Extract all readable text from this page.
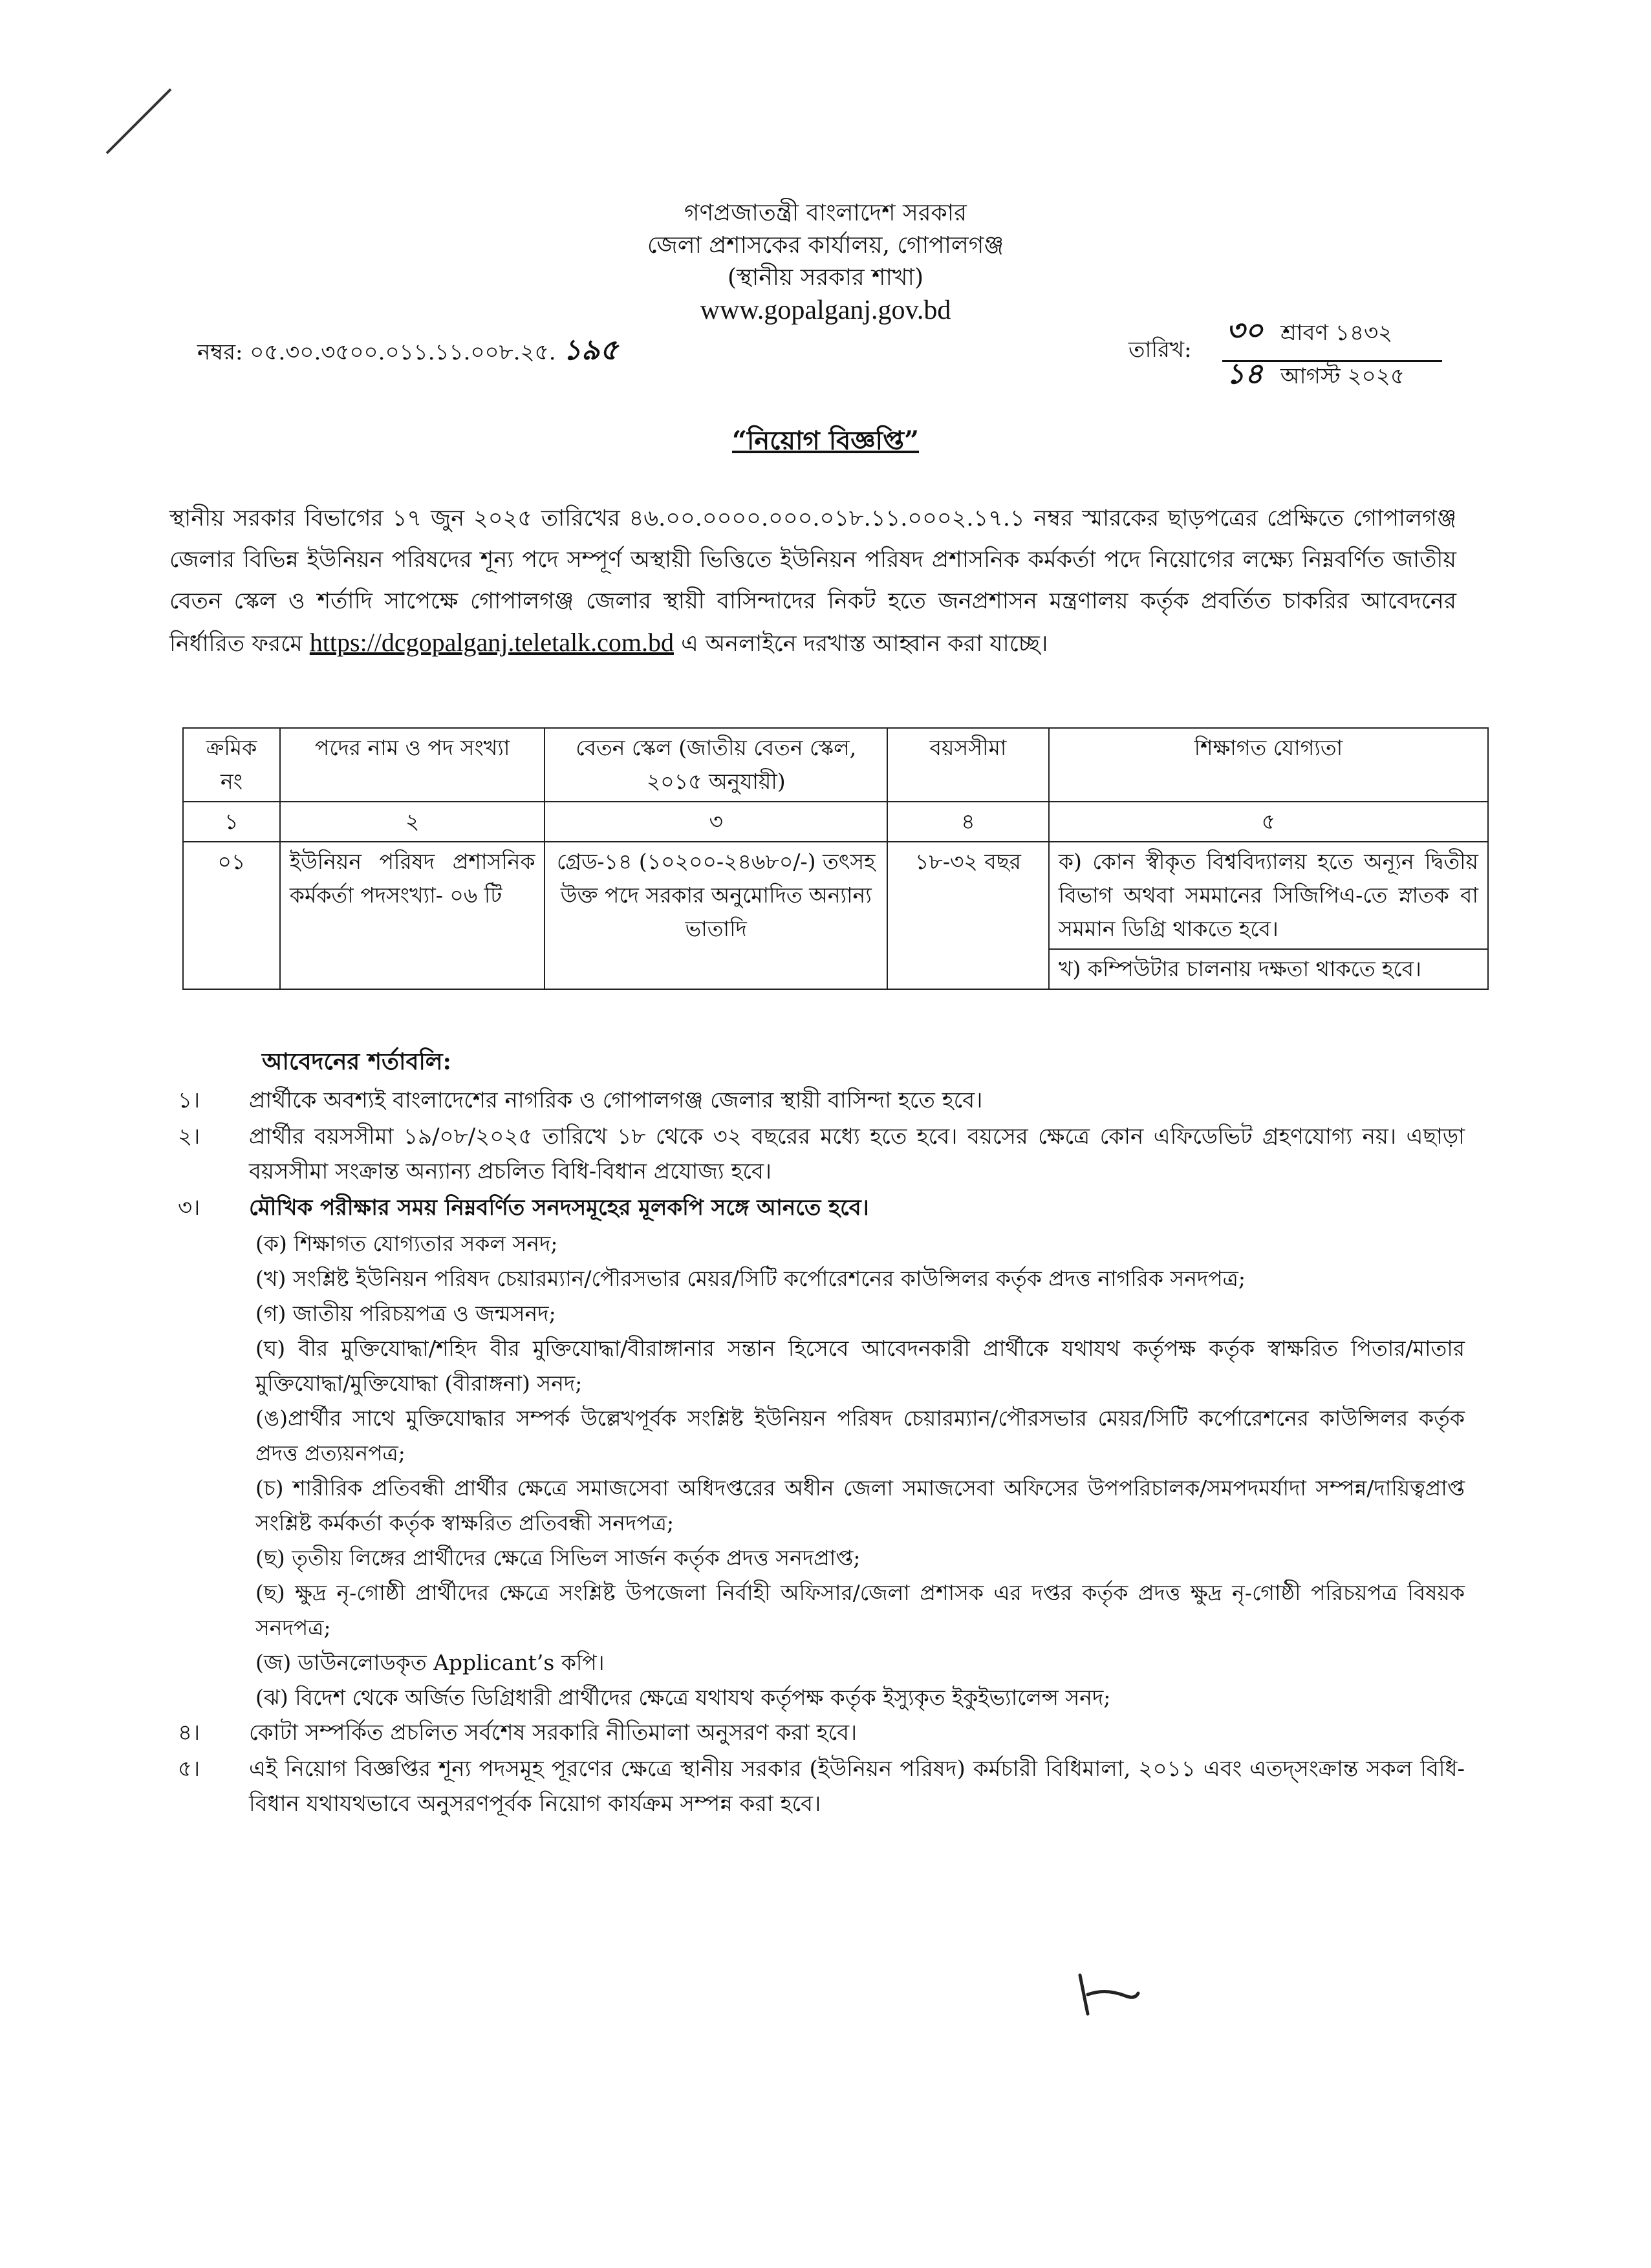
গণপ্রজাতন্ত্রী বাংলাদেশ সরকার
জেলা প্রশাসকের কার্যালয়, গোপালগঞ্জ
(স্থানীয় সরকার শাখা)
www.gopalganj.gov.bd
নম্বর: ০৫.৩০.৩৫০০.০১১.১১.০০৮.২৫. ১৯৫	তারিখ:
৩০ শ্রাবণ ১৪৩২
১৪ আগস্ট ২০২৫
“নিয়োগ বিজ্ঞপ্তি”
স্থানীয় সরকার বিভাগের ১৭ জুন ২০২৫ তারিখের ৪৬.০০.০০০০.০০০.০১৮.১১.০০০২.১৭.১ নম্বর স্মারকের ছাড়পত্রের প্রেক্ষিতে গোপালগঞ্জ জেলার বিভিন্ন ইউনিয়ন পরিষদের শূন্য পদে সম্পূর্ণ অস্থায়ী ভিত্তিতে ইউনিয়ন পরিষদ প্রশাসনিক কর্মকর্তা পদে নিয়োগের লক্ষ্যে নিম্নবর্ণিত জাতীয় বেতন স্কেল ও শর্তাদি সাপেক্ষে গোপালগঞ্জ জেলার স্থায়ী বাসিন্দাদের নিকট হতে জনপ্রশাসন মন্ত্রণালয় কর্তৃক প্রবর্তিত চাকরির আবেদনের নির্ধারিত ফরমে https://dcgopalganj.teletalk.com.bd এ অনলাইনে দরখাস্ত আহ্বান করা যাচ্ছে।
ক্রমিক নং	পদের নাম ও পদ সংখ্যা	বেতন স্কেল (জাতীয় বেতন স্কেল, ২০১৫ অনুযায়ী)	বয়সসীমা	শিক্ষাগত যোগ্যতা
১	২	৩	৪	৫
০১	ইউনিয়ন পরিষদ প্রশাসনিক কর্মকর্তা পদসংখ্যা- ০৬ টি	গ্রেড-১৪ (১০২০০-২৪৬৮০/-) তৎসহ উক্ত পদে সরকার অনুমোদিত অন্যান্য ভাতাদি	১৮-৩২ বছর	ক) কোন স্বীকৃত বিশ্ববিদ্যালয় হতে অন্যূন দ্বিতীয় বিভাগ অথবা সমমানের সিজিপিএ-তে স্নাতক বা সমমান ডিগ্রি থাকতে হবে।
খ) কম্পিউটার চালনায় দক্ষতা থাকতে হবে।
আবেদনের শর্তাবলি:
১। প্রার্থীকে অবশ্যই বাংলাদেশের নাগরিক ও গোপালগঞ্জ জেলার স্থায়ী বাসিন্দা হতে হবে।
২। প্রার্থীর বয়সসীমা ১৯/০৮/২০২৫ তারিখে ১৮ থেকে ৩২ বছরের মধ্যে হতে হবে। বয়সের ক্ষেত্রে কোন এফিডেভিট গ্রহণযোগ্য নয়। এছাড়া বয়সসীমা সংক্রান্ত অন্যান্য প্রচলিত বিধি-বিধান প্রযোজ্য হবে।
৩। মৌখিক পরীক্ষার সময় নিম্নবর্ণিত সনদসমূহের মূলকপি সঙ্গে আনতে হবে।
(ক) শিক্ষাগত যোগ্যতার সকল সনদ;
(খ) সংশ্লিষ্ট ইউনিয়ন পরিষদ চেয়ারম্যান/পৌরসভার মেয়র/সিটি কর্পোরেশনের কাউন্সিলর কর্তৃক প্রদত্ত নাগরিক সনদপত্র;
(গ) জাতীয় পরিচয়পত্র ও জন্মসনদ;
(ঘ) বীর মুক্তিযোদ্ধা/শহিদ বীর মুক্তিযোদ্ধা/বীরাঙ্গানার সন্তান হিসেবে আবেদনকারী প্রার্থীকে যথাযথ কর্তৃপক্ষ কর্তৃক স্বাক্ষরিত পিতার/মাতার মুক্তিযোদ্ধা/মুক্তিযোদ্ধা (বীরাঙ্গনা) সনদ;
(ঙ)প্রার্থীর সাথে মুক্তিযোদ্ধার সম্পর্ক উল্লেখপূর্বক সংশ্লিষ্ট ইউনিয়ন পরিষদ চেয়ারম্যান/পৌরসভার মেয়র/সিটি কর্পোরেশনের কাউন্সিলর কর্তৃক প্রদত্ত প্রত্যয়নপত্র;
(চ) শারীরিক প্রতিবন্ধী প্রার্থীর ক্ষেত্রে সমাজসেবা অধিদপ্তরের অধীন জেলা সমাজসেবা অফিসের উপপরিচালক/সমপদমর্যাদা সম্পন্ন/দায়িত্বপ্রাপ্ত সংশ্লিষ্ট কর্মকর্তা কর্তৃক স্বাক্ষরিত প্রতিবন্ধী সনদপত্র;
(ছ) তৃতীয় লিঙ্গের প্রার্থীদের ক্ষেত্রে সিভিল সার্জন কর্তৃক প্রদত্ত সনদপ্রাপ্ত;
(ছ) ক্ষুদ্র নৃ-গোষ্ঠী প্রার্থীদের ক্ষেত্রে সংশ্লিষ্ট উপজেলা নির্বাহী অফিসার/জেলা প্রশাসক এর দপ্তর কর্তৃক প্রদত্ত ক্ষুদ্র নৃ-গোষ্ঠী পরিচয়পত্র বিষয়ক সনদপত্র;
(জ) ডাউনলোডকৃত Applicant’s কপি।
(ঝ) বিদেশ থেকে অর্জিত ডিগ্রিধারী প্রার্থীদের ক্ষেত্রে যথাযথ কর্তৃপক্ষ কর্তৃক ইস্যুকৃত ইকুইভ্যালেন্স সনদ;
৪। কোটা সম্পর্কিত প্রচলিত সর্বশেষ সরকারি নীতিমালা অনুসরণ করা হবে।
৫। এই নিয়োগ বিজ্ঞপ্তির শূন্য পদসমূহ পূরণের ক্ষেত্রে স্থানীয় সরকার (ইউনিয়ন পরিষদ) কর্মচারী বিধিমালা, ২০১১ এবং এতদ্সংক্রান্ত সকল বিধি-বিধান যথাযথভাবে অনুসরণপূর্বক নিয়োগ কার্যক্রম সম্পন্ন করা হবে।
